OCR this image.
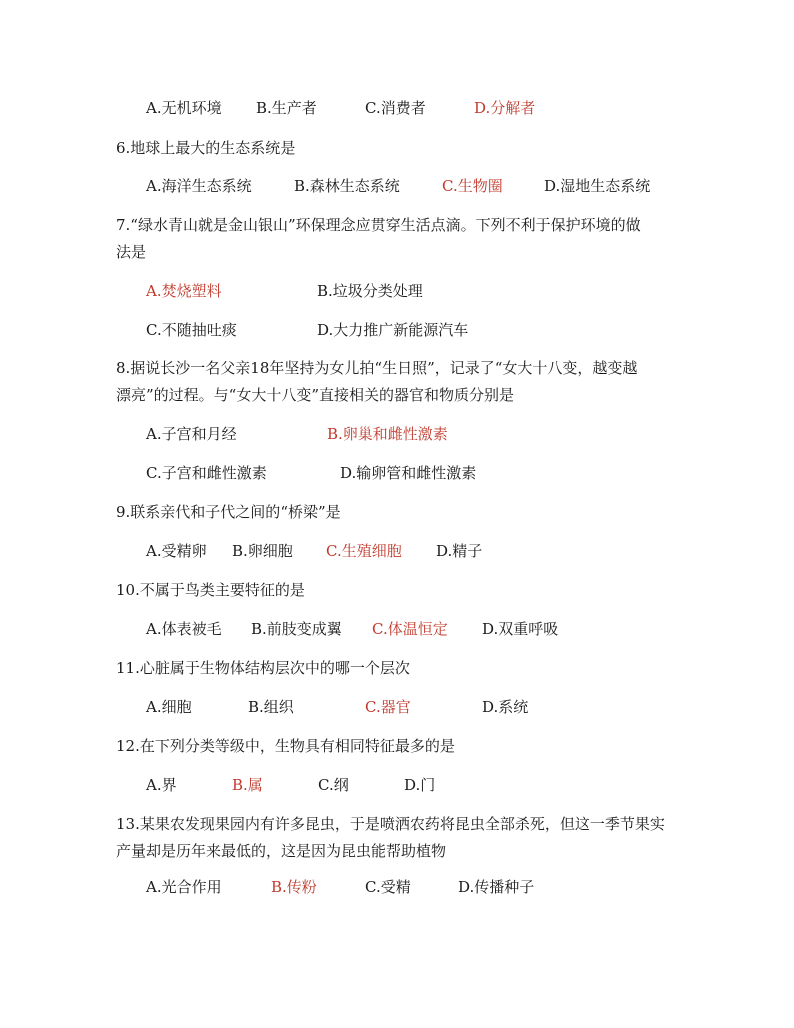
A.无机环境 B.生产者	C.消费者	D.分解者
6.地球上最大的生态系统是
A.海洋生态系统	B.森林生态系统	C.生物圈	D.湿地生态系统
7.“绿水青山就是金山银山”环保理念应贯穿生活点滴。下列不利于保护环境的做
法是
A.焚烧塑料	B.垃圾分类处理
C.不随抽吐痰	D.大力推广新能源汽车
8.据说长沙一名父亲18年坚持为女儿拍“生日照”，记录了“女大十八变，越变越
漂亮”的过程。与“女大十八变”直接相关的器官和物质分别是
A.子宫和月经	B.卵巢和雌性激素
C.子宫和雌性激素	D.输卵管和雌性激素
9.联系亲代和子代之间的“桥梁”是
A.受精卵 B.卵细胞 C.生殖细胞 D.精子
10.不属于鸟类主要特征的是
A.体表被毛 B.前肢变成翼 C.体温恒定 D.双重呼吸
11.心脏属于生物体结构层次中的哪一个层次
A.细胞	B.组织	C.器官	D.系统
12.在下列分类等级中，生物具有相同特征最多的是
A.界	B.属	C.纲	D.门
13.某果农发现果园内有许多昆虫，于是喷洒农药将昆虫全部杀死，但这一季节果实
产量却是历年来最低的，这是因为昆虫能帮助植物
A.光合作用	B.传粉	C.受精	D.传播种子
